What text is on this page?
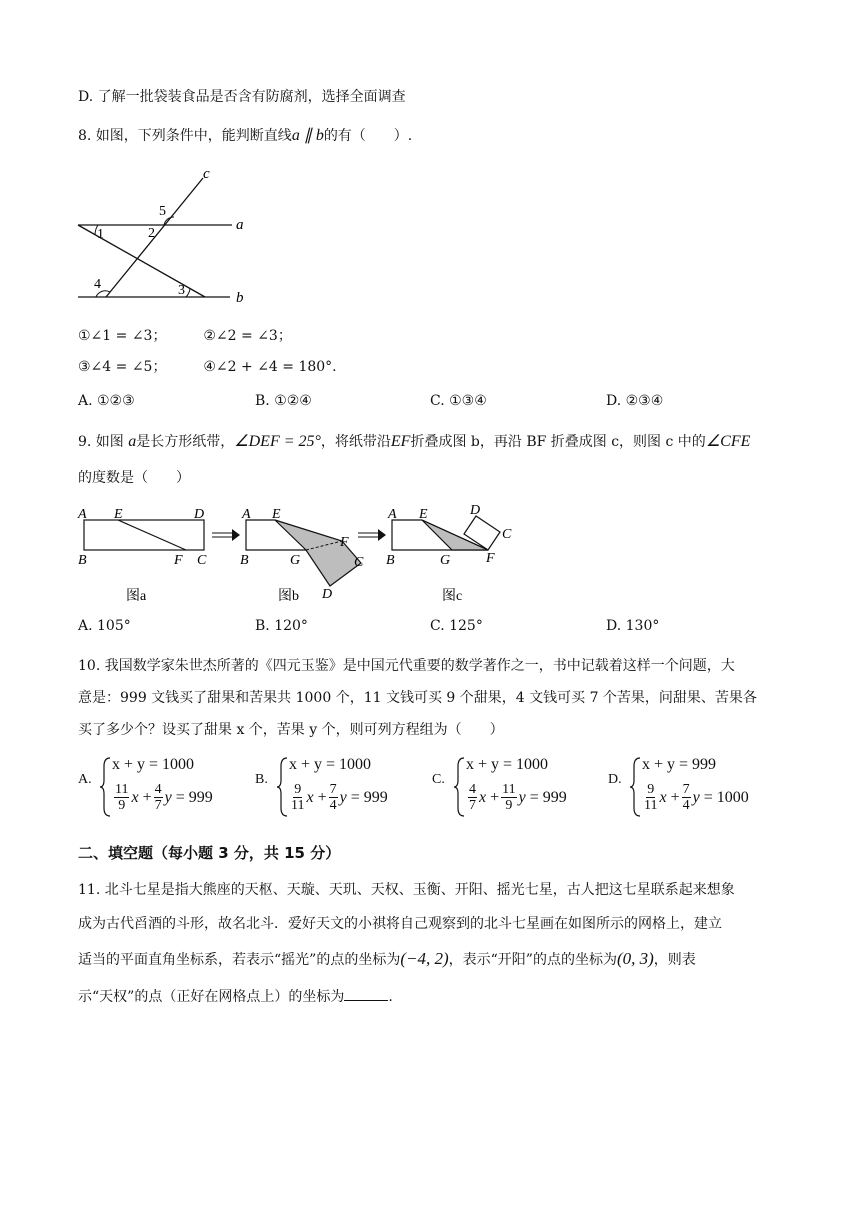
D. 了解一批袋装食品是否含有防腐剂，选择全面调查
8. 如图，下列条件中，能判断直线a ∥ b的有（　　）.
c
a
b
1	2
3
4
5
①∠1 = ∠3；	②∠2 = ∠3；
③∠4 = ∠5；	④∠2 + ∠4 = 180°.
A. ①②③	B. ①②④	C. ①③④	D. ②③④
9. 如图 a是长方形纸带，∠DEF = 25°，将纸带沿EF折叠成图 b，再沿 BF 折叠成图 c，则图 c 中的∠CFE
的度数是（　　）
A E	D
B	F C
图a
A E
B	G
F
C
D
图b
A E	D
C
B	G	F
图c
A. 105°	B. 120°	C. 125°	D. 130°
10. 我国数学家朱世杰所著的《四元玉鉴》是中国元代重要的数学著作之一，书中记载着这样一个问题，大
意是：999 文钱买了甜果和苦果共 1000 个，11 文钱可买 9 个甜果，4 文钱可买 7 个苦果，问甜果、苦果各
买了多少个？设买了甜果 x 个，苦果 y 个，则可列方程组为（　　）
A.
x + y = 1000
$\frac{11}{9}$ $x + \frac{4}{7}$ y
= 999
B.
x + y = 1000
$\frac{9}{11}$ $x + \frac{7}{4}$ y
= 999
C.
x + y = 1000
$\frac{4}{7}$ $x + \frac{11}{9}$ y
= 999
D.
x + y = 999
$\frac{9}{11}$ $x + \frac{7}{4}$ y
= 1000
二、填空题（每小题 3 分，共 15 分）
11. 北斗七星是指大熊座的天枢、天璇、天玑、天权、玉衡、开阳、摇光七星，古人把这七星联系起来想象
成为古代舀酒的斗形，故名北斗．爱好天文的小祺将自己观察到的北斗七星画在如图所示的网格上，建立
适当的平面直角坐标系，若表示“摇光”的点的坐标为(−4, 2)，表示“开阳”的点的坐标为(0, 3)，则表
示“天权”的点（正好在网格点上）的坐标为	.
